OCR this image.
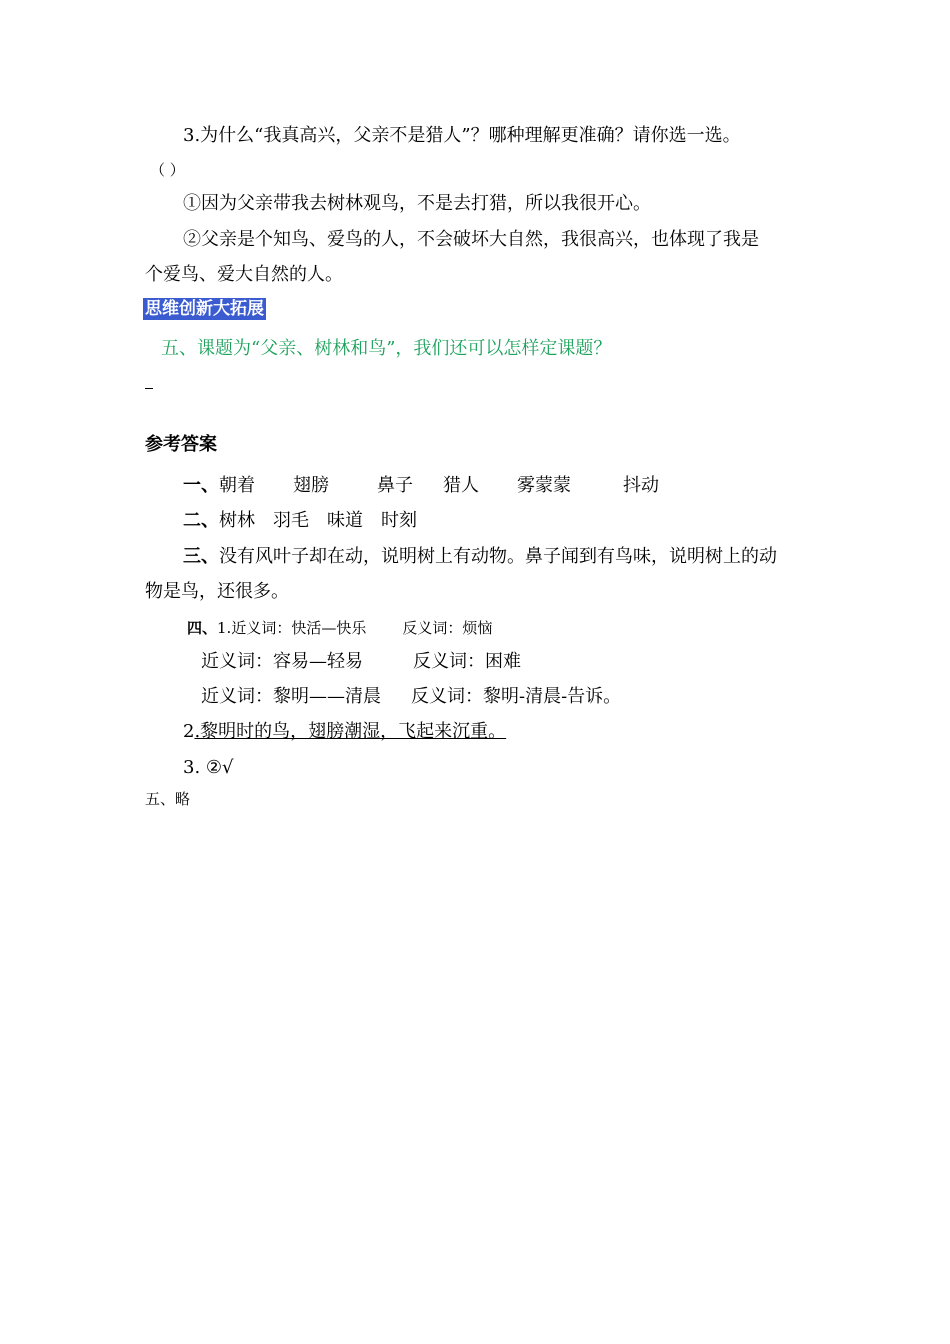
3.为什么“我真高兴，父亲不是猎人”？哪种理解更准确？请你选一选。
（ ）
①因为父亲带我去树林观鸟，不是去打猎，所以我很开心。
②父亲是个知鸟、爱鸟的人，不会破坏大自然，我很高兴，也体现了我是
个爱鸟、爱大自然的人。
思维创新大拓展
五、课题为“父亲、树林和鸟”，我们还可以怎样定课题？
参考答案
一、朝着 翅膀	鼻子 猎人 雾蒙蒙	抖动
二、树林 羽毛 味道 时刻
三、没有风叶子却在动，说明树上有动物。鼻子闻到有鸟味，说明树上的动
物是鸟，还很多。
四、1.近义词：快活—快乐 反义词：烦恼
近义词：容易—轻易	反义词：困难
近义词：黎明——清晨 反义词：黎明-清晨-告诉。
2.黎明时的鸟，翅膀潮湿，飞起来沉重。
3. ②√
五、略
